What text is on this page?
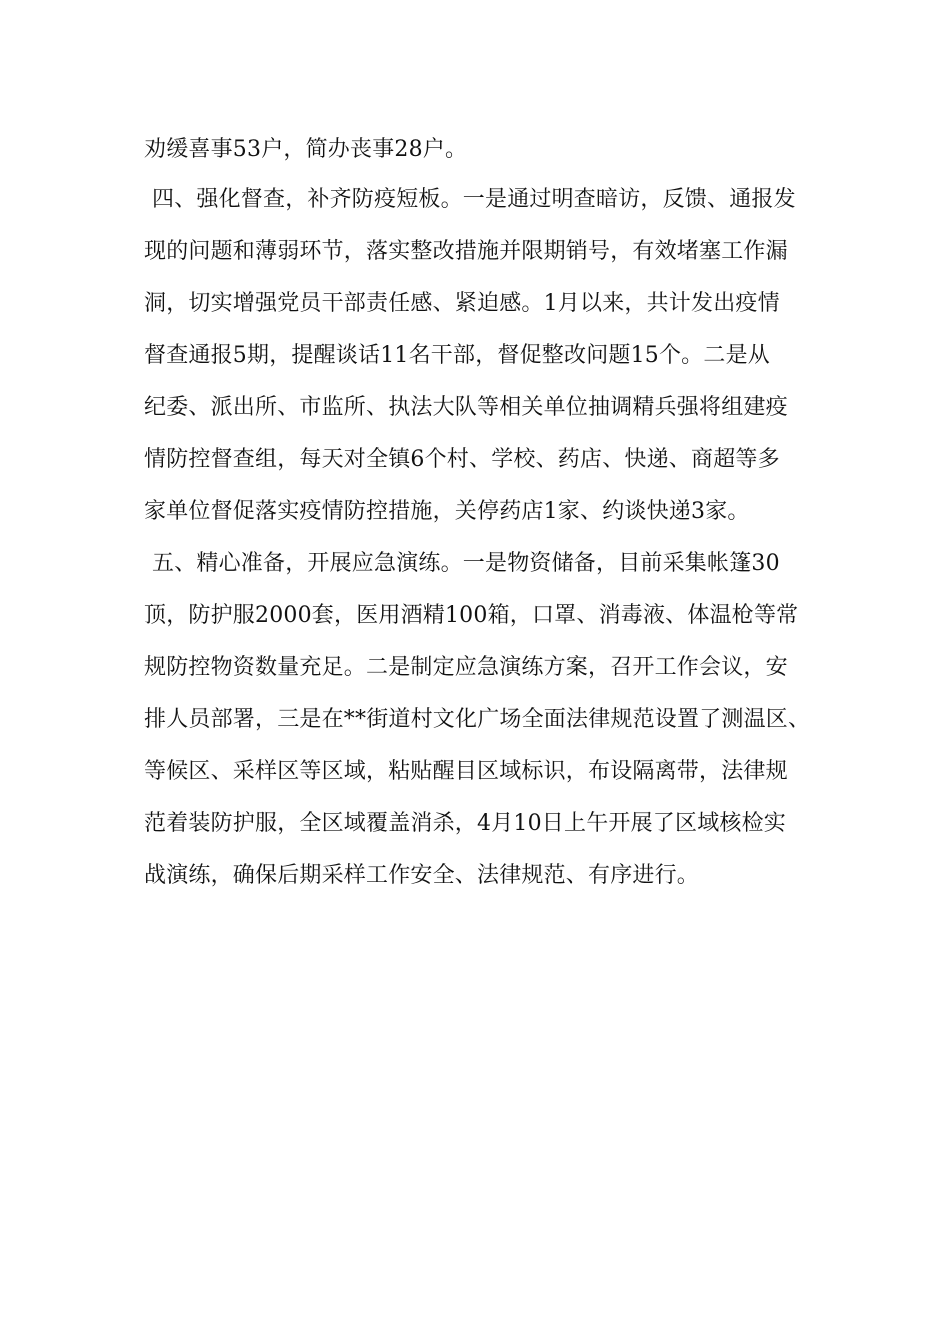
劝缓喜事53户，简办丧事28户。
四、强化督查，补齐防疫短板。一是通过明查暗访，反馈、通报发
现的问题和薄弱环节，落实整改措施并限期销号，有效堵塞工作漏
洞，切实增强党员干部责任感、紧迫感。1月以来，共计发出疫情
督查通报5期，提醒谈话11名干部，督促整改问题15个。二是从
纪委、派出所、市监所、执法大队等相关单位抽调精兵强将组建疫
情防控督查组，每天对全镇6个村、学校、药店、快递、商超等多
家单位督促落实疫情防控措施，关停药店1家、约谈快递3家。
五、精心准备，开展应急演练。一是物资储备，目前采集帐篷30
顶，防护服2000套，医用酒精100箱，口罩、消毒液、体温枪等常
规防控物资数量充足。二是制定应急演练方案，召开工作会议，安
排人员部署，三是在**街道村文化广场全面法律规范设置了测温区、
等候区、采样区等区域，粘贴醒目区域标识，布设隔离带，法律规
范着装防护服，全区域覆盖消杀，4月10日上午开展了区域核检实
战演练，确保后期采样工作安全、法律规范、有序进行。
